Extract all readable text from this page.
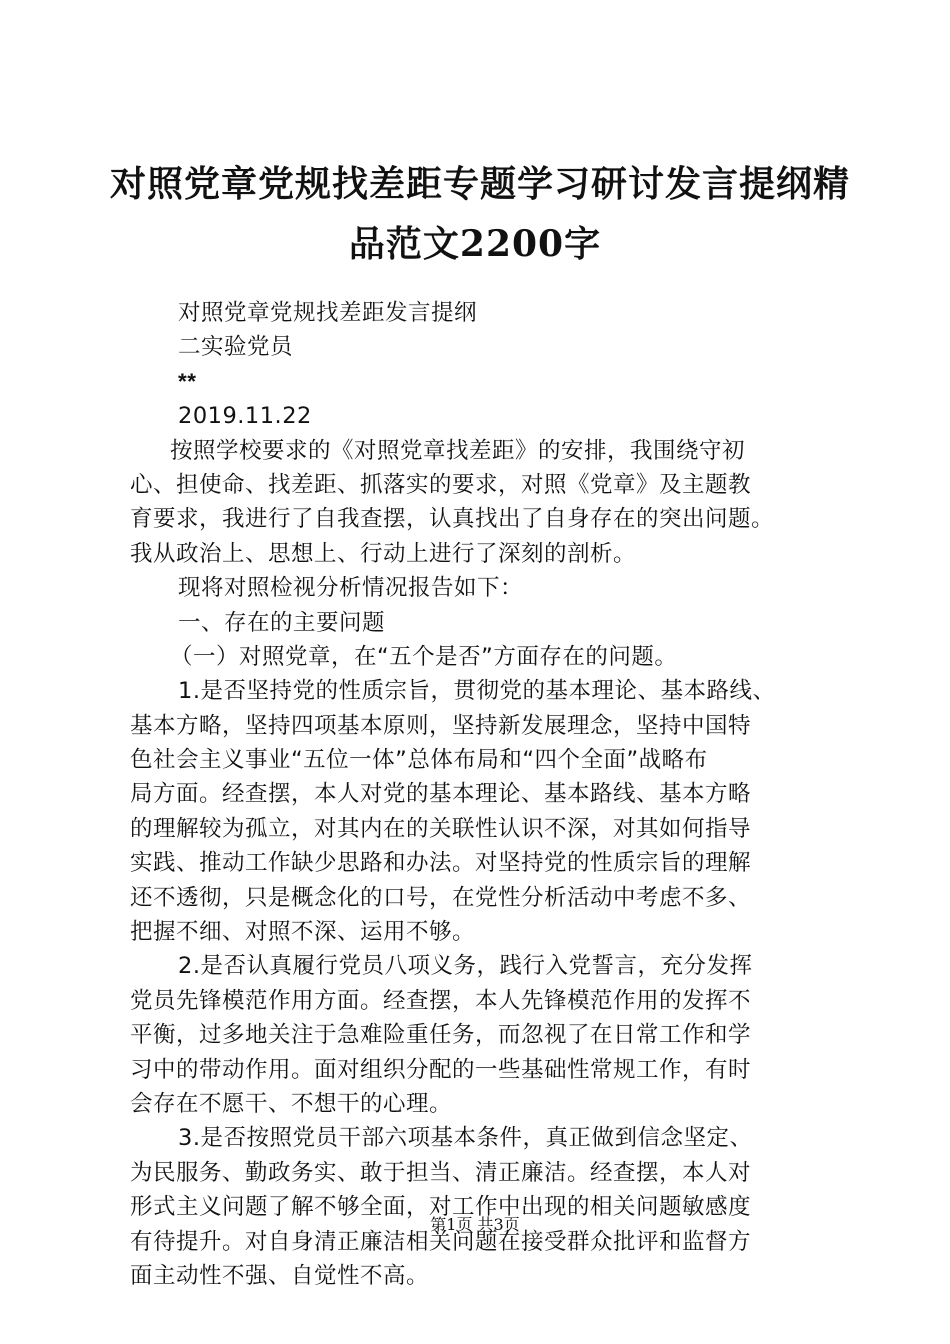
对照党章党规找差距专题学习研讨发言提纲精
品范文2200字
对照党章党规找差距发言提纲
二实验党员
**
2019.11.22
按照学校要求的《对照党章找差距》的安排，我围绕守初
心、担使命、找差距、抓落实的要求，对照《党章》及主题教
育要求，我进行了自我查摆，认真找出了自身存在的突出问题。
我从政治上、思想上、行动上进行了深刻的剖析。
现将对照检视分析情况报告如下：
一、存在的主要问题
（一）对照党章，在“五个是否”方面存在的问题。
1.是否坚持党的性质宗旨，贯彻党的基本理论、基本路线、
基本方略，坚持四项基本原则，坚持新发展理念，坚持中国特
色社会主义事业“五位一体”总体布局和“四个全面”战略布
局方面。经查摆，本人对党的基本理论、基本路线、基本方略
的理解较为孤立，对其内在的关联性认识不深，对其如何指导
实践、推动工作缺少思路和办法。对坚持党的性质宗旨的理解
还不透彻，只是概念化的口号，在党性分析活动中考虑不多、
把握不细、对照不深、运用不够。
2.是否认真履行党员八项义务，践行入党誓言，充分发挥
党员先锋模范作用方面。经查摆，本人先锋模范作用的发挥不
平衡，过多地关注于急难险重任务，而忽视了在日常工作和学
习中的带动作用。面对组织分配的一些基础性常规工作，有时
会存在不愿干、不想干的心理。
3.是否按照党员干部六项基本条件，真正做到信念坚定、
为民服务、勤政务实、敢于担当、清正廉洁。经查摆，本人对
形式主义问题了解不够全面，对工作中出现的相关问题敏感度
有待提升。对自身清正廉洁相关问题在接受群众批评和监督方
面主动性不强、自觉性不高。
第1页 共3页
